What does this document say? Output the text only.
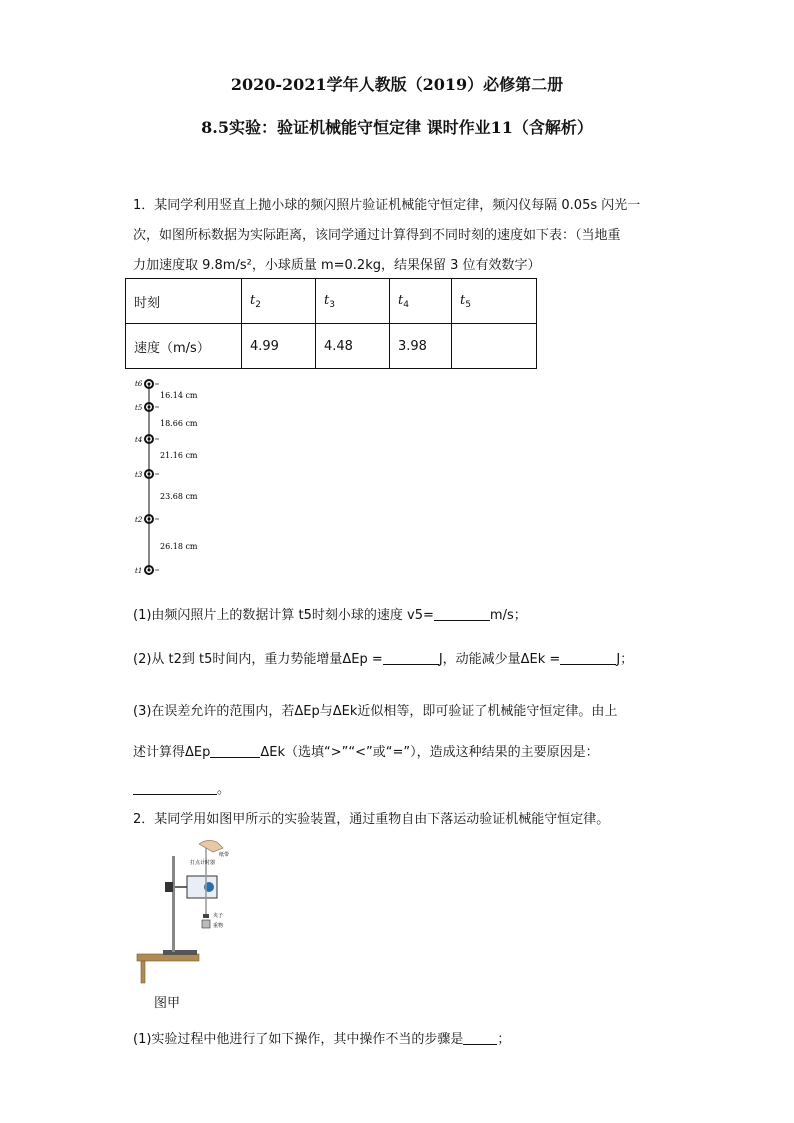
2020-2021学年人教版（2019）必修第二册
8.5实验：验证机械能守恒定律 课时作业11（含解析）
1．某同学利用竖直上抛小球的频闪照片验证机械能守恒定律，频闪仪每隔 0.05s 闪光一
次，如图所标数据为实际距离，该同学通过计算得到不同时刻的速度如下表：（当地重
力加速度取 9.8m/s²，小球质量 m=0.2kg，结果保留 3 位有效数字）
时刻	$t_2$	$t_3$	$t_4$	$t_5$
速度（m/s）	4.99	4.48	3.98	
t6
t5
t4
t3
t2
t1
16.14 cm
18.66 cm
21.16 cm
23.68 cm
26.18 cm
(1)由频闪照片上的数据计算 t5时刻小球的速度 v5=	m/s；
(2)从 t2到 t5时间内，重力势能增量ΔEp =	J，动能减少量ΔEk =	J；
(3)在误差允许的范围内，若ΔEp与ΔEk近似相等，即可验证了机械能守恒定律。由上
述计算得ΔEp	ΔEk（选填“>”“<”或“=”），造成这种结果的主要原因是：
。
2．某同学用如图甲所示的实验装置，通过重物自由下落运动验证机械能守恒定律。
打点计时器
纸带
夹子
重物
图甲
(1)实验过程中他进行了如下操作，其中操作不当的步骤是	；
